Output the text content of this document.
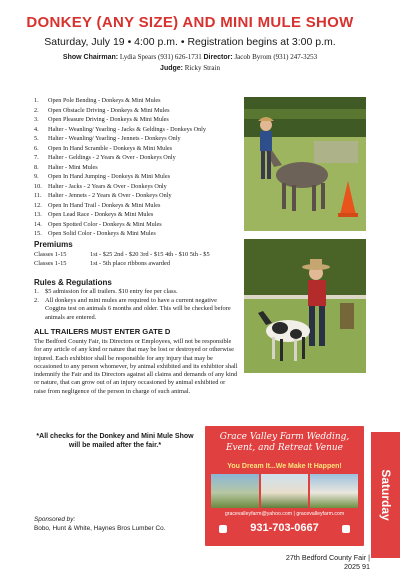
DONKEY (ANY SIZE) AND MINI MULE SHOW
Saturday, July 19 • 4:00 p.m. • Registration begins at 3:00 p.m.
Show Chairman: Lydia Spears (931) 626-1731 Director: Jacob Byrom (931) 247-3253
Judge: Ricky Strain
1.	Open Pole Bending - Donkeys & Mini Mules
2.	Open Obstacle Driving - Donkeys & Mini Mules
3.	Open Pleasure Driving - Donkeys & Mini Mules
4.	Halter - Weanling/ Yearling - Jacks & Geldings - Donkeys Only
5.	Halter - Weanling/ Yearling - Jennets - Donkeys Only
6.	Open In Hand Scramble - Donkeys & Mini Mules
7.	Halter - Geldings - 2 Years & Over - Donkeys Only
8.	Halter - Mini Mules
9.	Open In Hand Jumping - Donkeys & Mini Mules
10.	Halter - Jacks - 2 Years & Over - Donkeys Only
11.	Halter - Jennets - 2 Years & Over - Donkeys Only
12.	Open In Hand Trail - Donkeys & Mini Mules
13.	Open Lead Race - Donkeys & Mini Mules
14.	Open Spotted Color - Donkeys & Mini Mules
15.	Open Solid Color - Donkeys & Mini Mules
Premiums
Classes 1-15	1st - $25 2nd - $20 3rd - $15 4th - $10 5th - $5
Classes 1-15	1st - 5th place ribbons awarded
Rules & Regulations
1. $5 admission for all trailers. $10 entry fee per class.
2. All donkeys and mini mules are required to have a current negative Coggins test on animals 6 months and older. This will be checked before animals are entered.
ALL TRAILERS MUST ENTER GATE D
The Bedford County Fair, its Directors or Employees, will not be responsible for any article of any kind or nature that may be lost or destroyed or otherwise injured. Each exhibitor shall be responsible for any injury that may be occasioned to any person whomever, by animal exhibited and its exhibitor shall indemnify the Fair and its Directors against all claims and demands of any kind or nature, that can grow out of an injury occasioned by animal exhibited or raise from negligence of the person in charge of such animal.
*All checks for the Donkey and Mini Mule Show will be mailed after the fair.*
Sponsored by:
Bobo, Hunt & White, Haynes Bros Lumber Co.
Grace Valley Farm Wedding, Event, and Retreat Venue
You Dream It...We Make It Happen!
gracevalleyfarm@yahoo.com | gracevalleyfarm.com
931-703-0667
Saturday
27th Bedford County Fair | 2025 91
